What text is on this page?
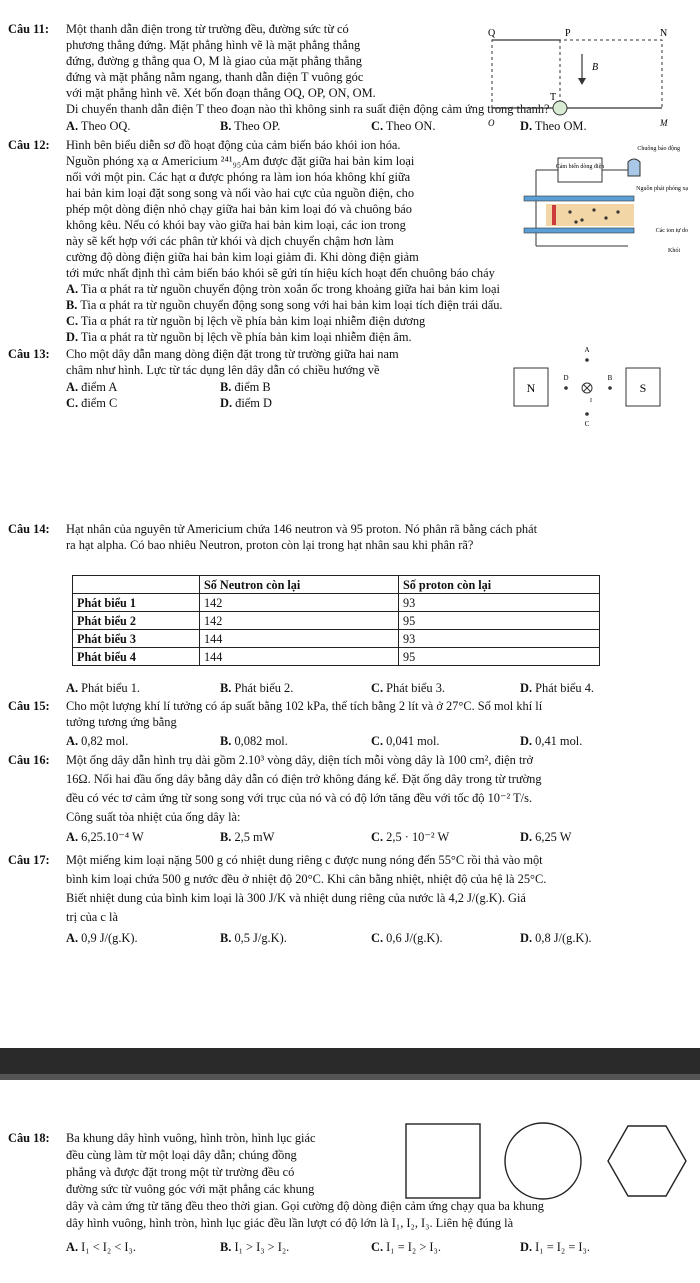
Câu 11: Một thanh dẫn điện trong từ trường đều, đường sức từ có
phương thẳng đứng. Mặt phẳng hình vẽ là mặt phẳng thẳng
đứng, đường g thẳng qua O, M là giao của mặt phẳng thẳng
đứng và mặt phẳng nằm ngang, thanh dẫn điện T vuông góc
với mặt phẳng hình vẽ. Xét bốn đoạn thẳng OQ, OP, ON, OM.
Di chuyển thanh dẫn điện T theo đoạn nào thì không sinh ra suất điện động cảm ứng trong thanh?
Q	P	N
B
T
O	M
A. Theo OQ.	B. Theo OP.	C. Theo ON.	D. Theo OM.
Câu 12: Hình bên biểu diễn sơ đồ hoạt động của cảm biến báo khói ion hóa.
Nguồn phóng xạ α Americium ²⁴¹₉₅Am được đặt giữa hai bản kim loại
nối với một pin. Các hạt α được phóng ra làm ion hóa không khí giữa
hai bản kim loại đặt song song và nối vào hai cực của nguồn điện, cho
phép một dòng điện nhỏ chạy giữa hai bản kim loại đó và chuông báo
không kêu. Nếu có khói bay vào giữa hai bản kim loại, các ion trong
này sẽ kết hợp với các phân tử khói và dịch chuyển chậm hơn làm
cường độ dòng điện giữa hai bản kim loại giảm đi. Khi dòng điện giảm
tới mức nhất định thì cảm biến báo khói sẽ gửi tín hiệu kích hoạt đến chuông báo cháy
Cảm biến dòng điện
Chuông báo động
Nguồn phát phóng xạ
Các ion tự do
Khói
A. Tia α phát ra từ nguồn chuyển động tròn xoắn ốc trong khoảng giữa hai bản kim loại
B. Tia α phát ra từ nguồn chuyển động song song với hai bản kim loại tích điện trái dấu.
C. Tia α phát ra từ nguồn bị lệch về phía bản kim loại nhiễm điện dương
D. Tia α phát ra từ nguồn bị lệch về phía bản kim loại nhiễm điện âm.
Câu 13: Cho một dây dẫn mang dòng điện đặt trong từ trường giữa hai nam
châm như hình. Lực từ tác dụng lên dây dẫn có chiều hướng về
N	S
A
B
C
D
I
A. điểm A	B. điểm B
C. điểm C	D. điểm D
Câu 14: Hạt nhân của nguyên tử Americium chứa 146 neutron và 95 proton. Nó phân rã bằng cách phát
ra hạt alpha. Có bao nhiêu Neutron, proton còn lại trong hạt nhân sau khi phân rã?
	Số Neutron còn lại	Số proton còn lại
Phát biểu 1	142	93
Phát biểu 2	142	95
Phát biểu 3	144	93
Phát biểu 4	144	95
A. Phát biểu 1.	B. Phát biểu 2.	C. Phát biểu 3.	D. Phát biểu 4.
Câu 15: Cho một lượng khí lí tưởng có áp suất bằng 102 kPa, thể tích bằng 2 lít và ở 27°C. Số mol khí lí
tưởng tương ứng bằng
A. 0,82 mol.	B. 0,082 mol.	C. 0,041 mol.	D. 0,41 mol.
Câu 16: Một ống dây dẫn hình trụ dài gồm 2.10³ vòng dây, diện tích mỗi vòng dây là 100 cm², điện trở
16Ω. Nối hai đầu ống dây bằng dây dẫn có điện trở không đáng kể. Đặt ống dây trong từ trường
đều có véc tơ cảm ứng từ song song với trục của nó và có độ lớn tăng đều với tốc độ 10⁻² T/s.
Công suất tỏa nhiệt của ống dây là:
A. 6,25.10⁻⁴ W	B. 2,5 mW	C. 2,5 · 10⁻² W	D. 6,25 W
Câu 17: Một miếng kim loại nặng 500 g có nhiệt dung riêng c được nung nóng đến 55°C rồi thả vào một
bình kim loại chứa 500 g nước đều ở nhiệt độ 20°C. Khi cân bằng nhiệt, nhiệt độ của hệ là 25°C.
Biết nhiệt dung của bình kim loại là 300 J/K và nhiệt dung riêng của nước là 4,2 J/(g.K). Giá
trị của c là
A. 0,9 J/(g.K).	B. 0,5 J/g.K).	C. 0,6 J/(g.K).	D. 0,8 J/(g.K).
Câu 18: Ba khung dây hình vuông, hình tròn, hình lục giác
đều cùng làm từ một loại dây dẫn; chúng đồng
phẳng và được đặt trong một từ trường đều có
đường sức từ vuông góc với mặt phẳng các khung
dây và cảm ứng từ tăng đều theo thời gian. Gọi cường độ dòng điện cảm ứng chạy qua ba khung
dây hình vuông, hình tròn, hình lục giác đều lần lượt có độ lớn là I₁, I₂, I₃. Liên hệ đúng là
A. I₁ < I₂ < I₃.	B. I₁ > I₃ > I₂.	C. I₁ = I₂ > I₃.	D. I₁ = I₂ = I₃.
